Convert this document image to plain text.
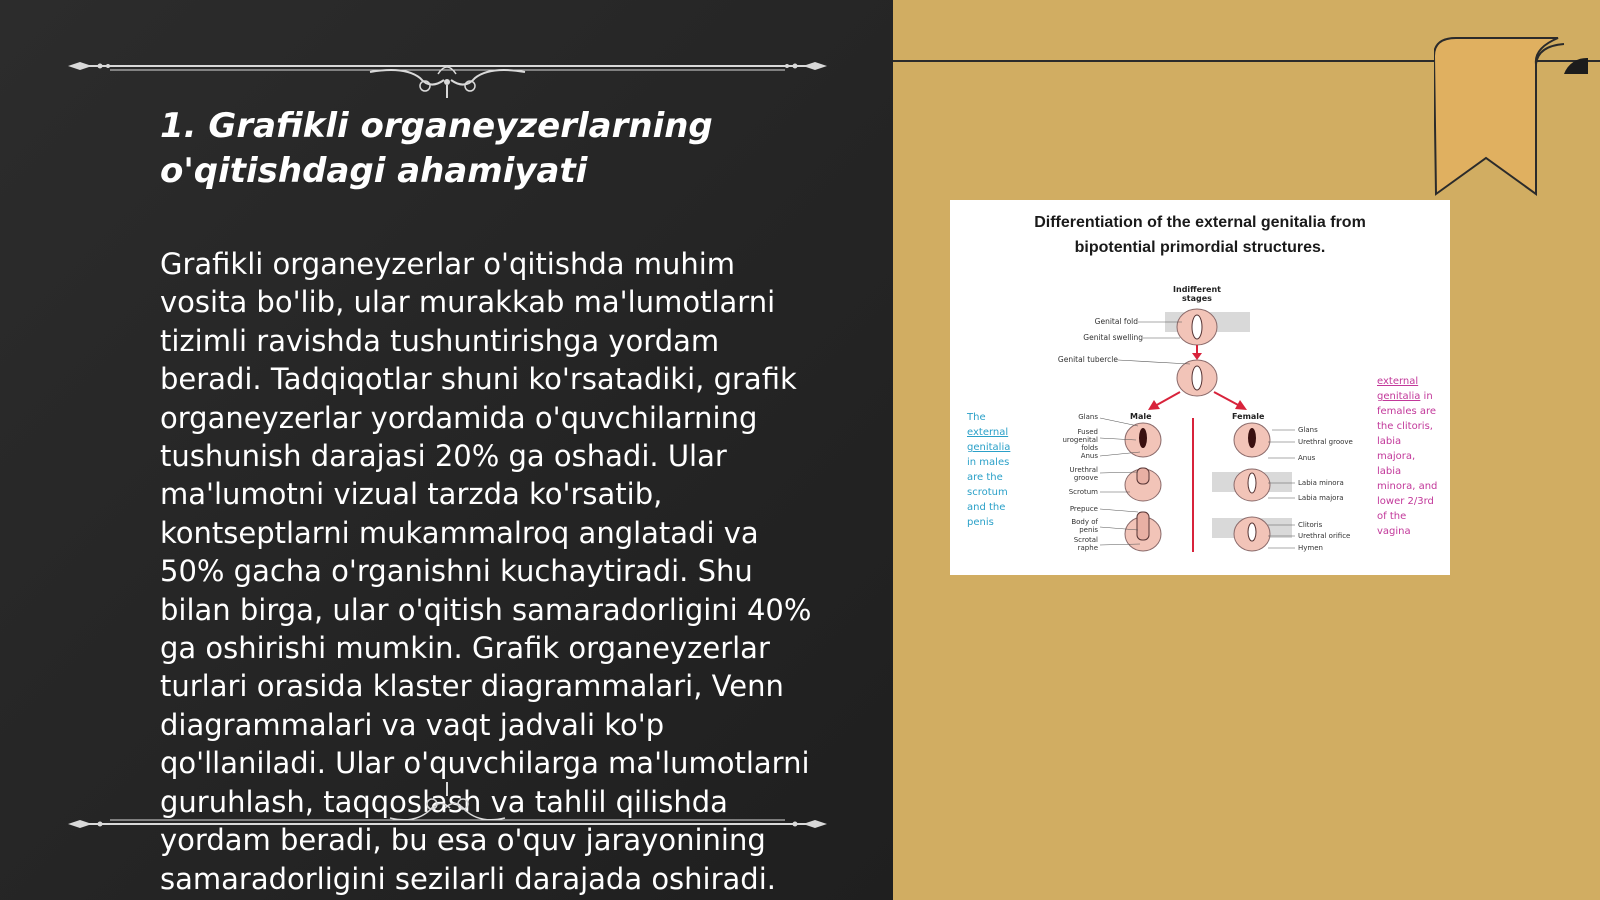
1. Grafikli organeyzerlarning
o'qitishdagi ahamiyati
Grafikli organeyzerlar o'qitishda muhim
vosita bo'lib, ular murakkab ma'lumotlarni
tizimli ravishda tushuntirishga yordam
beradi. Tadqiqotlar shuni ko'rsatadiki, grafik
organeyzerlar yordamida o'quvchilarning
tushunish darajasi 20% ga oshadi. Ular
ma'lumotni vizual tarzda ko'rsatib,
kontseptlarni mukammalroq anglatadi va
50% gacha o'rganishni kuchaytiradi. Shu
bilan birga, ular o'qitish samaradorligini 40%
ga oshirishi mumkin. Grafik organeyzerlar
turlari orasida klaster diagrammalari, Venn
diagrammalari va vaqt jadvali ko'p
qo'llaniladi. Ular o'quvchilarga ma'lumotlarni
guruhlash, taqqoslash va tahlil qilishda
yordam beradi, bu esa o'quv jarayonining
samaradorligini sezilarli darajada oshiradi.

Differentiation of the external genitalia from
bipotential primordial structures.

Indifferent stages
Genital fold
Genital swelling
Genital tubercle
Male	Female
Glans
Fused urogenital folds
Anus
Urethral groove
Scrotum
Prepuce
Body of penis
Scrotal raphe
Glans
Urethral groove
Anus
Labia minora
Labia majora
Clitoris
Urethral orifice
Hymen
The external genitalia in males are the scrotum and the penis
external genitalia in females are the clitoris, labia majora, labia minora, and lower 2/3rd of the vagina
